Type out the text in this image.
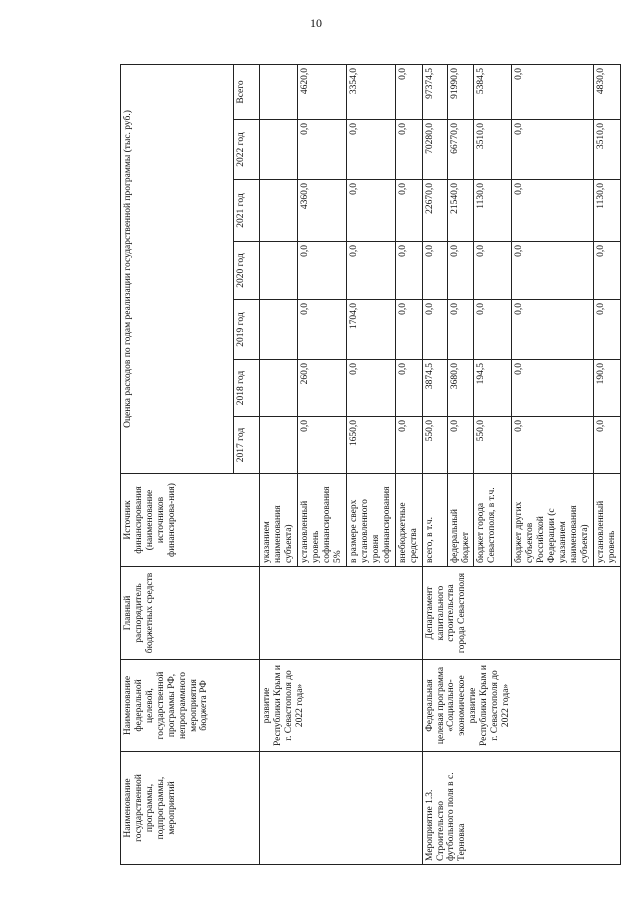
10
Наименование государственной программы, подпрограммы, мероприятий	Наименование федеральной целевой, государственной программы РФ, непрограммного мероприятия бюджета РФ	Главный распорядитель бюджетных средств	Источник финансирования (наименование источников финансирова-ния)	Оценка расходов по годам реализации государственной программы (тыс. руб.)						
				2017 год	2018 год	2019 год	2020 год	2021 год	2022 год	Всего
	развитие Республики Крым и г. Севастополя до 2022 года»		указанием наименования субъекта)							
			установленный уровень софинансирования 5%	0,0	260,0	0,0	0,0	4360,0	0,0	4620,0
			в размере сверх установленного уровня софинансирования	1650,0	0,0	1704,0	0,0	0,0	0,0	3354,0
			внебюджетные средства	0,0	0,0	0,0	0,0	0,0	0,0	0,0
Мероприятие 1.3. Строительство футбольного поля в с. Терновка	Федеральная целевая программа «Социально-экономическое развитие Республики Крым и г. Севастополя до 2022 года»	Департамент капитального строительства города Севастополя	всего, в т.ч.	550,0	3874,5	0,0	0,0	22670,0	70280,0	97374,5
			федеральный бюджет	0,0	3680,0	0,0	0,0	21540,0	66770,0	91990,0
			бюджет города Севастополя, в т.ч.	550,0	194,5	0,0	0,0	1130,0	3510,0	5384,5
			бюджет других субъектов Российской Федерации (с указанием наименования субъекта)	0,0	0,0	0,0	0,0	0,0	0,0	0,0
			установленный уровень	0,0	190,0	0,0	0,0	1130,0	3510,0	4830,0
